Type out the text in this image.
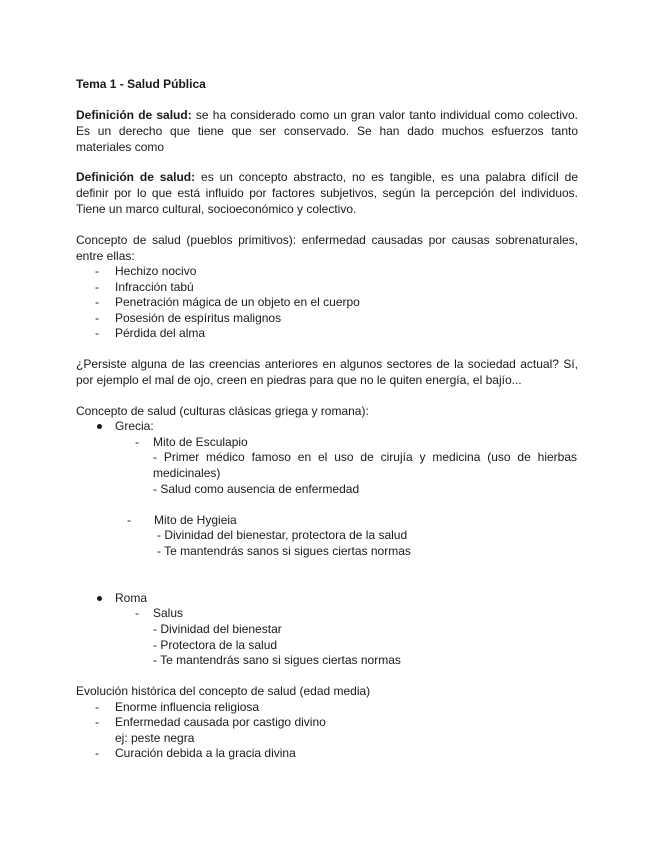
Tema 1 - Salud Pública
Definición de salud: se ha considerado como un gran valor tanto individual como colectivo. Es un derecho que tiene que ser conservado. Se han dado muchos esfuerzos tanto materiales como
Definición de salud: es un concepto abstracto, no es tangible, es una palabra difícil de definir por lo que está influido por factores subjetivos, según la percepción del individuos. Tiene un marco cultural, socioeconómico y colectivo.
Concepto de salud (pueblos primitivos): enfermedad causadas por causas sobrenaturales, entre ellas:
- Hechizo nocivo
- Infracción tabú
- Penetración mágica de un objeto en el cuerpo
- Posesión de espíritus malignos
- Pérdida del alma
¿Persiste alguna de las creencias anteriores en algunos sectores de la sociedad actual? Sí, por ejemplo el mal de ojo, creen en piedras para que no le quiten energía, el bajío...
Concepto de salud (culturas clásicas griega y romana):
Grecia:
- Mito de Esculapio
- Primer médico famoso en el uso de cirujía y medicina (uso de hierbas medicinales)
- Salud como ausencia de enfermedad
- Mito de Hygieia
- Divinidad del bienestar, protectora de la salud
- Te mantendrás sanos si sigues ciertas normas
Roma
- Salus
- Divinidad del bienestar
- Protectora de la salud
- Te mantendrás sano si sigues ciertas normas
Evolución histórica del concepto de salud (edad media)
- Enorme influencia religiosa
- Enfermedad causada por castigo divino
ej: peste negra
- Curación debida a la gracia divina
